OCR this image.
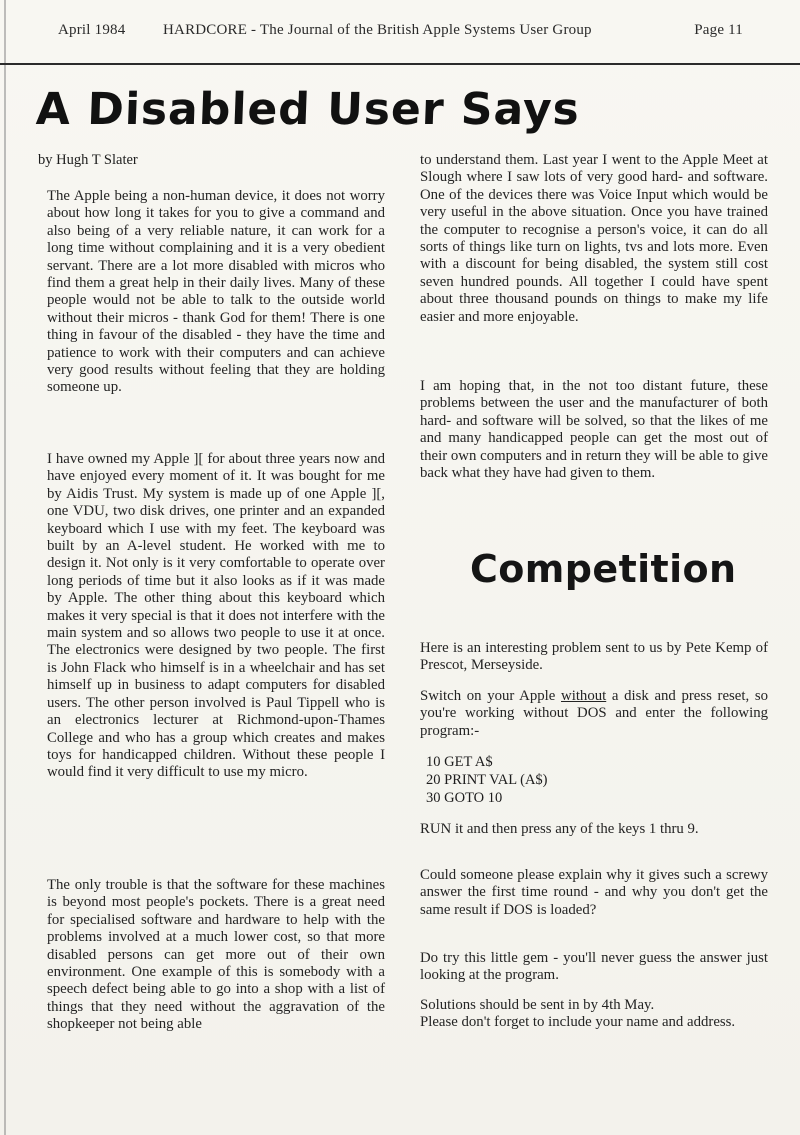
April 1984	HARDCORE - The Journal of the British Apple Systems User Group	Page 11
A Disabled User Says
by Hugh T Slater

The Apple being a non-human device, it does not worry about how long it takes for you to give a command and also being of a very reliable nature, it can work for a long time without complaining and it is a very obedient servant. There are a lot more disabled with micros who find them a great help in their daily lives. Many of these people would not be able to talk to the outside world without their micros - thank God for them! There is one thing in favour of the disabled - they have the time and patience to work with their computers and can achieve very good results without feeling that they are holding someone up.

I have owned my Apple ][ for about three years now and have enjoyed every moment of it. It was bought for me by Aidis Trust. My system is made up of one Apple ][, one VDU, two disk drives, one printer and an expanded keyboard which I use with my feet. The keyboard was built by an A-level student. He worked with me to design it. Not only is it very comfortable to operate over long periods of time but it also looks as if it was made by Apple. The other thing about this keyboard which makes it very special is that it does not interfere with the main system and so allows two people to use it at once. The electronics were designed by two people. The first is John Flack who himself is in a wheelchair and has set himself up in business to adapt computers for disabled users. The other person involved is Paul Tippell who is an electronics lecturer at Richmond-upon-Thames College and who has a group which creates and makes toys for handicapped children. Without these people I would find it very difficult to use my micro.

The only trouble is that the software for these machines is beyond most people's pockets. There is a great need for specialised software and hardware to help with the problems involved at a much lower cost, so that more disabled persons can get more out of their own environment. One example of this is somebody with a speech defect being able to go into a shop with a list of things that they need without the aggravation of the shopkeeper not being able

to understand them. Last year I went to the Apple Meet at Slough where I saw lots of very good hard- and software. One of the devices there was Voice Input which would be very useful in the above situation. Once you have trained the computer to recognise a person's voice, it can do all sorts of things like turn on lights, tvs and lots more. Even with a discount for being disabled, the system still cost seven hundred pounds. All together I could have spent about three thousand pounds on things to make my life easier and more enjoyable.

I am hoping that, in the not too distant future, these problems between the user and the manufacturer of both hard- and software will be solved, so that the likes of me and many handicapped people can get the most out of their own computers and in return they will be able to give back what they have had given to them.

Competition

Here is an interesting problem sent to us by Pete Kemp of Prescot, Merseyside.

Switch on your Apple without a disk and press reset, so you're working without DOS and enter the following program:-

10 GET A$
20 PRINT VAL (A$)
30 GOTO 10

RUN it and then press any of the keys 1 thru 9.

Could someone please explain why it gives such a screwy answer the first time round - and why you don't get the same result if DOS is loaded?

Do try this little gem - you'll never guess the answer just looking at the program.

Solutions should be sent in by 4th May.

Please don't forget to include your name and address.
